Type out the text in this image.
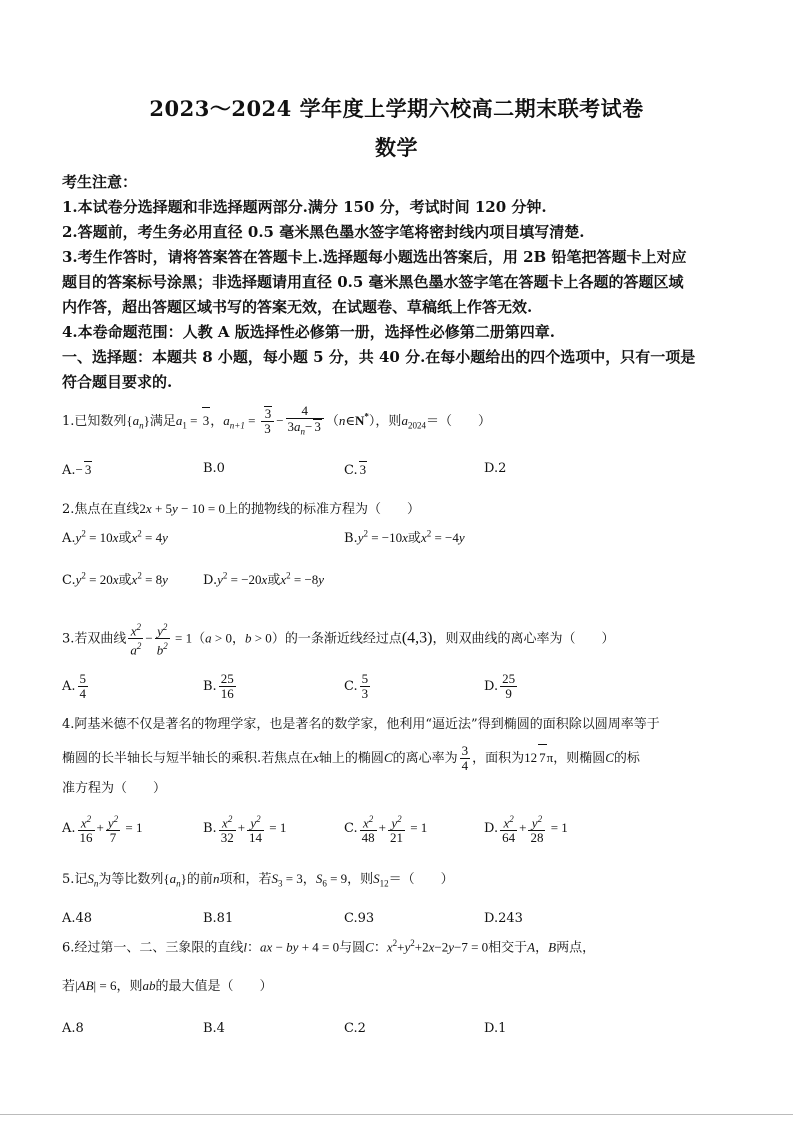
2023～2024 学年度上学期六校高二期末联考试卷
数学
考生注意：
1.本试卷分选择题和非选择题两部分.满分 150 分，考试时间 120 分钟.
2.答题前，考生务必用直径 0.5 毫米黑色墨水签字笔将密封线内项目填写清楚.
3.考生作答时，请将答案答在答题卡上.选择题每小题选出答案后，用 2B 铅笔把答题卡上对应
题目的答案标号涂黑；非选择题请用直径 0.5 毫米黑色墨水签字笔在答题卡上各题的答题区域
内作答，超出答题区域书写的答案无效，在试题卷、草稿纸上作答无效.
4.本卷命题范围：人教 A 版选择性必修第一册，选择性必修第二册第四章.
一、选择题：本题共 8 小题，每小题 5 分，共 40 分.在每小题给出的四个选项中，只有一项是
符合题目要求的.
1.已知数列$\{a_n\}$满足$a_1 = 3$，$a_{n+1} = \frac{3}{3} - \frac{4}{3a_n- 3}$ （n∈N*），则$a_{2024}=$（　　）
A.− 3	B.0	C. 3	D.2
2.焦点在直线2x + 5y − 10 = 0上的抛物线的标准方程为（　　）
$A.y^2 = 10x$或$x^2 = 4y$	$B.y^2 = -10x$或$x^2 = -4y$
$C.y^2 = 20x$或$x^2 = 8y$	$D.y^2 = -20x$或$x^2 = -8y$
3.若双曲线 $\frac{x^2}{a^2} - \frac{y^2}{b^2} = 1(a > 0$，b > 0）的一条渐近线经过点(4,3)，则双曲线的离心率为（　　）
A. $\frac{5}{4}$	B. $\frac{25}{16}$	C. $\frac{5}{3}$	D. $\frac{25}{9}$
4.阿基米德不仅是著名的物理学家，也是著名的数学家，他利用“逼近法”得到椭圆的面积除以圆周率等于
椭圆的长半轴长与短半轴长的乘积.若焦点在x轴上的椭圆C的离心率为 $\frac{3}{4}$ ，面积为12 7π，则椭圆C的标
准方程为（　　）
A. $\frac{x^2}{16} + \frac{y^2}{7} = 1$	B. $\frac{x^2}{32} + \frac{y^2}{14} = 1$	C. $\frac{x^2}{48} + \frac{y^2}{21} = 1$	D. $\frac{x^2}{64} + \frac{y^2}{28} = 1$
5.记$S_n$为等比数列$\{a_n\}$的前n项和，若$S_3 = 3$，$S_6 = 9$，则$S_{12}=$（　　）
A.48	B.81	C.93	D.243
6.经过第一、二、三象限的直线l：ax − by + 4 = 0与圆C：$x^2+y^2+2x-2y-7 = 0$相交于A，B两点，
若|AB| = 6，则ab的最大值是（　　）
A.8	B.4	C.2	D.1
